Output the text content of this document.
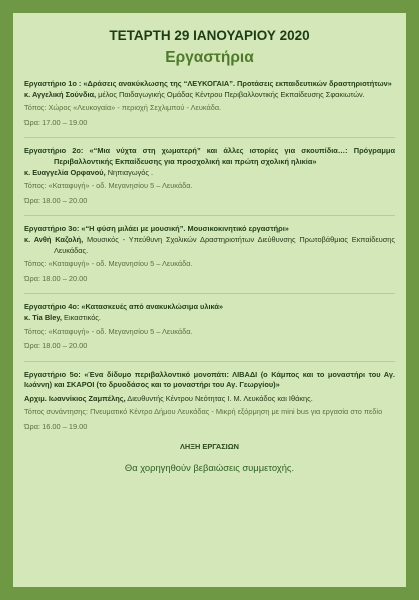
ΤΕΤΑΡΤΗ 29 ΙΑΝΟΥΑΡΙΟΥ 2020
Εργαστήρια

Εργαστήριο 1ο : «Δράσεις ανακύκλωσης της “ΛΕΥΚΟΓΑΙΑ”. Προτάσεις εκπαιδευτικών δραστηριοτήτων»

κ. Αγγελική Σούνδια, μέλος Παιδαγωγικής Ομάδας Κέντρου Περιβαλλοντικής Εκπαίδευσης Σφακιωτών.

Τόπος: Χώρος «Λευκογαία» - περιοχή Σεχλιμπού - Λευκάδα.

Ώρα: 17.00 – 19.00

Εργαστήριο 2ο: «“Μια νύχτα στη χωματερή” και άλλες ιστορίες για σκουπίδια…: Πρόγραμμα Περιβαλλοντικής Εκπαίδευσης για προσχολική και πρώτη σχολική ηλικία»

κ. Ευαγγελία Ορφανού, Νηπιαγωγός .

Τόπος: «Καταφυγή» - οδ. Μεγανησίου 5 – Λευκάδα.

Ώρα: 18.00 – 20.00

Εργαστήριο 3ο: «“Η φύση μιλάει με μουσική”. Μουσικοκινητικό εργαστήρι»

κ. Ανθή Καζολή, Μουσικός - Υπεύθυνη Σχολικών Δραστηριοτήτων Διεύθυνσης Πρωτοβάθμιας Εκπαίδευσης Λευκάδας.

Τόπος: «Καταφυγή» - οδ. Μεγανησίου 5 – Λευκάδα.

Ώρα: 18.00 – 20.00

Εργαστήριο 4ο: «Κατασκευές από ανακυκλώσιμα υλικά»

κ. Tia Bley, Εικαστικός.

Τόπος: «Καταφυγή» - οδ. Μεγανησίου 5 – Λευκάδα.

Ώρα: 18.00 – 20.00

Εργαστήριο 5ο: «Ένα δίδυμο περιβαλλοντικό μονοπάτι: ΛΙΒΑΔΙ (ο Κάμπος και το μοναστήρι του Αγ. Ιωάννη) και ΣΚΑΡΟΙ (το δρυοδάσος και το μοναστήρι του Αγ. Γεωργίου)»

Αρχιμ. Ιωαννίκιος Ζαμπέλης, Διευθυντής Κέντρου Νεότητας Ι. Μ. Λευκάδος και Ιθάκης.

Τόπος συνάντησης: Πνευματικό Κέντρο Δήμου Λευκάδας - Μικρή εξόρμηση με mini bus για εργασία στο πεδίο

Ώρα: 16.00 – 19.00

ΛΗΞΗ ΕΡΓΑΣΙΩΝ

Θα χορηγηθούν βεβαιώσεις συμμετοχής.
